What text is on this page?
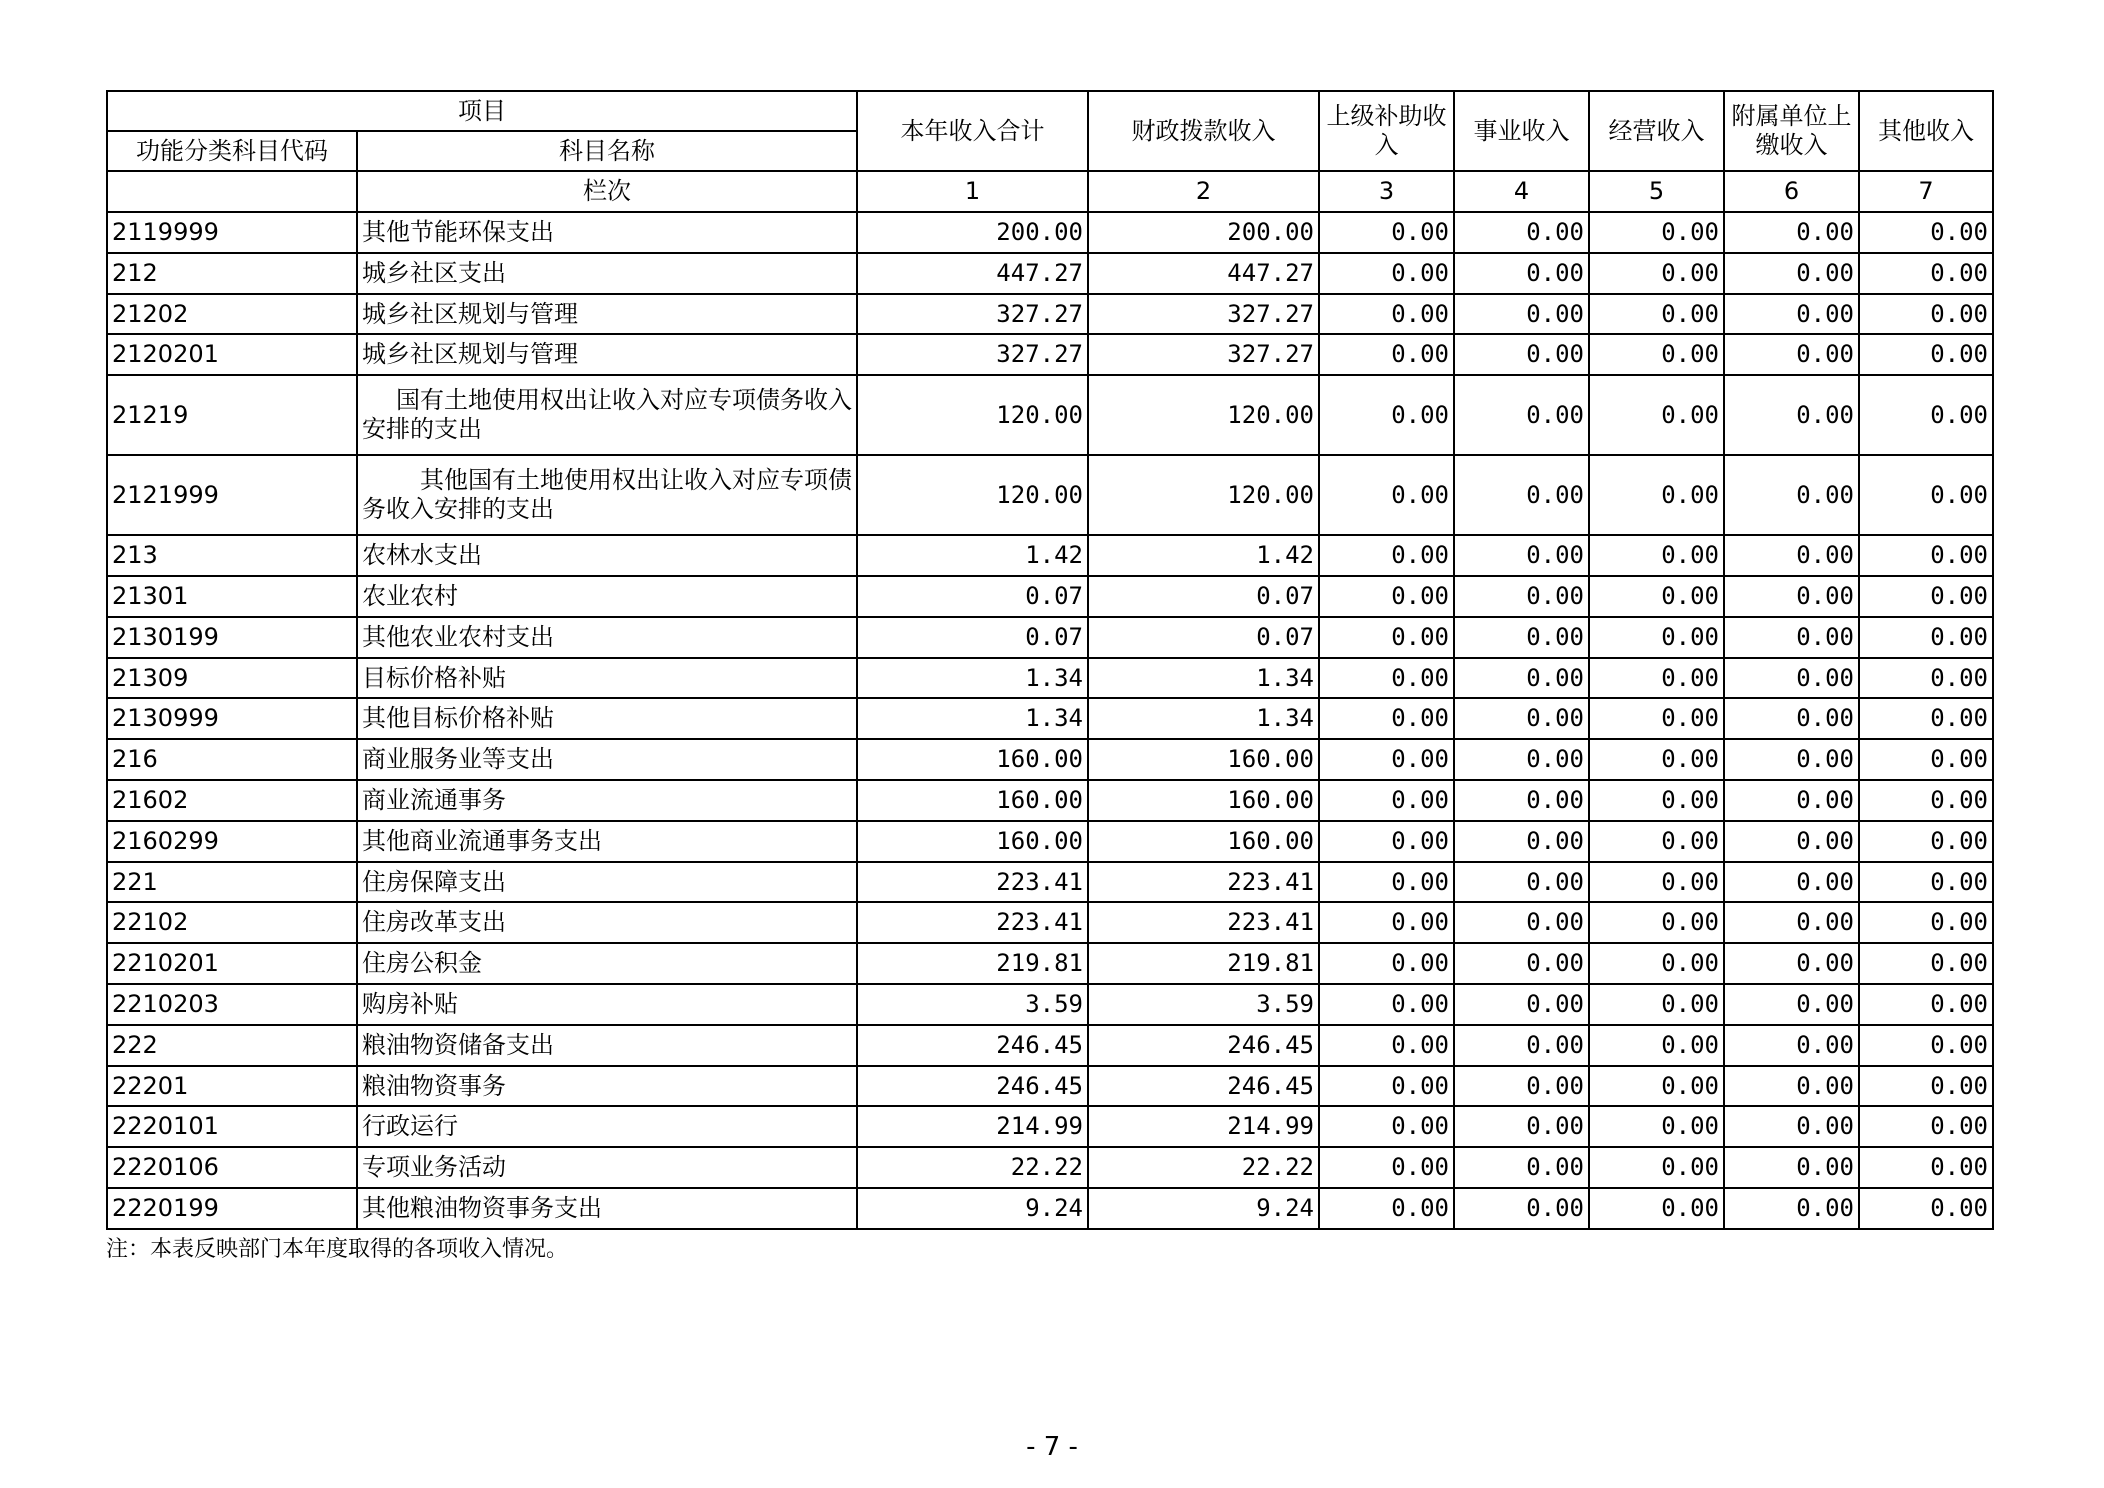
项目		本年收入合计	财政拨款收入	上级补助收入	事业收入	经营收入	附属单位上缴收入	其他收入
功能分类科目代码	科目名称							
	栏次	1	2	3	4	5	6	7
2119999	其他节能环保支出	200.00	200.00	0.00	0.00	0.00	0.00	0.00
212	城乡社区支出	447.27	447.27	0.00	0.00	0.00	0.00	0.00
21202	城乡社区规划与管理	327.27	327.27	0.00	0.00	0.00	0.00	0.00
2120201	城乡社区规划与管理	327.27	327.27	0.00	0.00	0.00	0.00	0.00
21219	国有土地使用权出让收入对应专项债务收入安排的支出	120.00	120.00	0.00	0.00	0.00	0.00	0.00
2121999	其他国有土地使用权出让收入对应专项债务收入安排的支出	120.00	120.00	0.00	0.00	0.00	0.00	0.00
213	农林水支出	1.42	1.42	0.00	0.00	0.00	0.00	0.00
21301	农业农村	0.07	0.07	0.00	0.00	0.00	0.00	0.00
2130199	其他农业农村支出	0.07	0.07	0.00	0.00	0.00	0.00	0.00
21309	目标价格补贴	1.34	1.34	0.00	0.00	0.00	0.00	0.00
2130999	其他目标价格补贴	1.34	1.34	0.00	0.00	0.00	0.00	0.00
216	商业服务业等支出	160.00	160.00	0.00	0.00	0.00	0.00	0.00
21602	商业流通事务	160.00	160.00	0.00	0.00	0.00	0.00	0.00
2160299	其他商业流通事务支出	160.00	160.00	0.00	0.00	0.00	0.00	0.00
221	住房保障支出	223.41	223.41	0.00	0.00	0.00	0.00	0.00
22102	住房改革支出	223.41	223.41	0.00	0.00	0.00	0.00	0.00
2210201	住房公积金	219.81	219.81	0.00	0.00	0.00	0.00	0.00
2210203	购房补贴	3.59	3.59	0.00	0.00	0.00	0.00	0.00
222	粮油物资储备支出	246.45	246.45	0.00	0.00	0.00	0.00	0.00
22201	粮油物资事务	246.45	246.45	0.00	0.00	0.00	0.00	0.00
2220101	行政运行	214.99	214.99	0.00	0.00	0.00	0.00	0.00
2220106	专项业务活动	22.22	22.22	0.00	0.00	0.00	0.00	0.00
2220199	其他粮油物资事务支出	9.24	9.24	0.00	0.00	0.00	0.00	0.00
注：本表反映部门本年度取得的各项收入情况。
- 7 -
